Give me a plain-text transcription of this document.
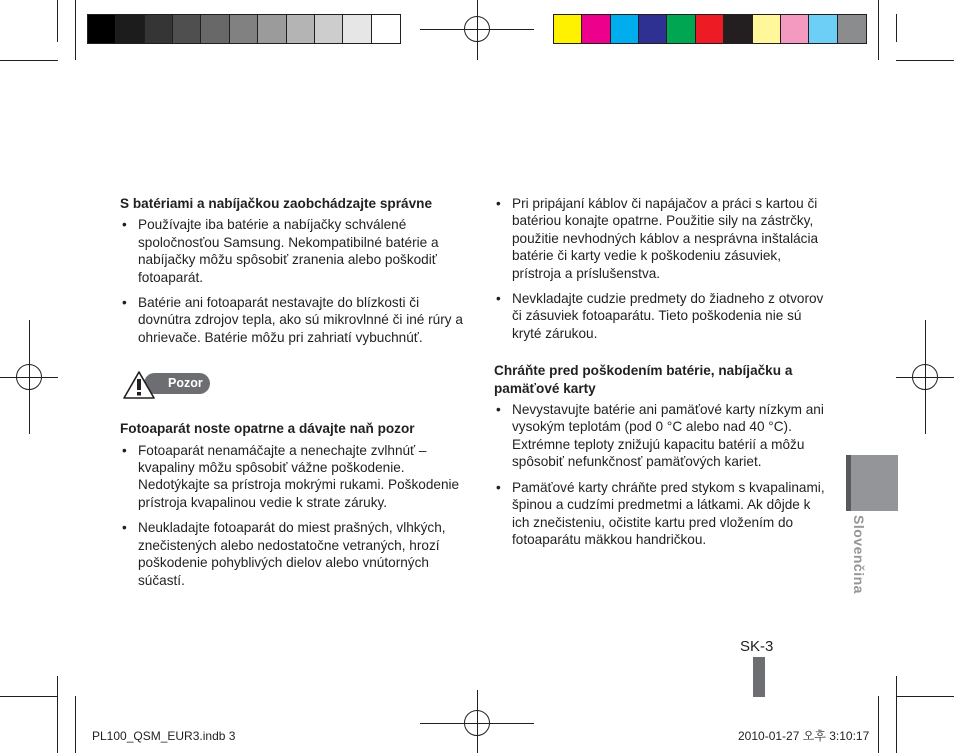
S batériami a nabíjačkou zaobchádzajte správne

• Používajte iba batérie a nabíjačky schválené spoločnosťou Samsung. Nekompatibilné batérie a nabíjačky môžu spôsobiť zranenia alebo poškodiť fotoaparát.
• Batérie ani fotoaparát nestavajte do blízkosti či dovnútra zdrojov tepla, ako sú mikrovlnné či iné rúry a ohrievače. Batérie môžu pri zahriatí vybuchnúť.
Pozor

Fotoaparát noste opatrne a dávajte naň pozor

• Fotoaparát nenamáčajte a nenechajte zvlhnúť – kvapaliny môžu spôsobiť vážne poškodenie. Nedotýkajte sa prístroja mokrými rukami. Poškodenie prístroja kvapalinou vedie k strate záruky.
• Neukladajte fotoaparát do miest prašných, vlhkých, znečistených alebo nedostatočne vetraných, hrozí poškodenie pohyblivých dielov alebo vnútorných súčastí.
• Pri pripájaní káblov či napájačov a práci s kartou či batériou konajte opatrne. Použitie sily na zástrčky, použitie nevhodných káblov a nesprávna inštalácia batérie či karty vedie k poškodeniu zásuviek, prístroja a príslušenstva.
• Nevkladajte cudzie predmety do žiadneho z otvorov či zásuviek fotoaparátu. Tieto poškodenia nie sú kryté zárukou.

Chráňte pred poškodením batérie, nabíjačku a pamäťové karty

• Nevystavujte batérie ani pamäťové karty nízkym ani vysokým teplotám (pod 0 °C alebo nad 40 °C). Extrémne teploty znižujú kapacitu batérií a môžu spôsobiť nefunkčnosť pamäťových kariet.
• Pamäťové karty chráňte pred stykom s kvapalinami, špinou a cudzími predmetmi a látkami. Ak dôjde k ich znečisteniu, očistite kartu pred vložením do fotoaparátu mäkkou handričkou.	Slovenčina
SK-3
PL100_QSM_EUR3.indb 3	2010-01-27 오후 3:10:17
